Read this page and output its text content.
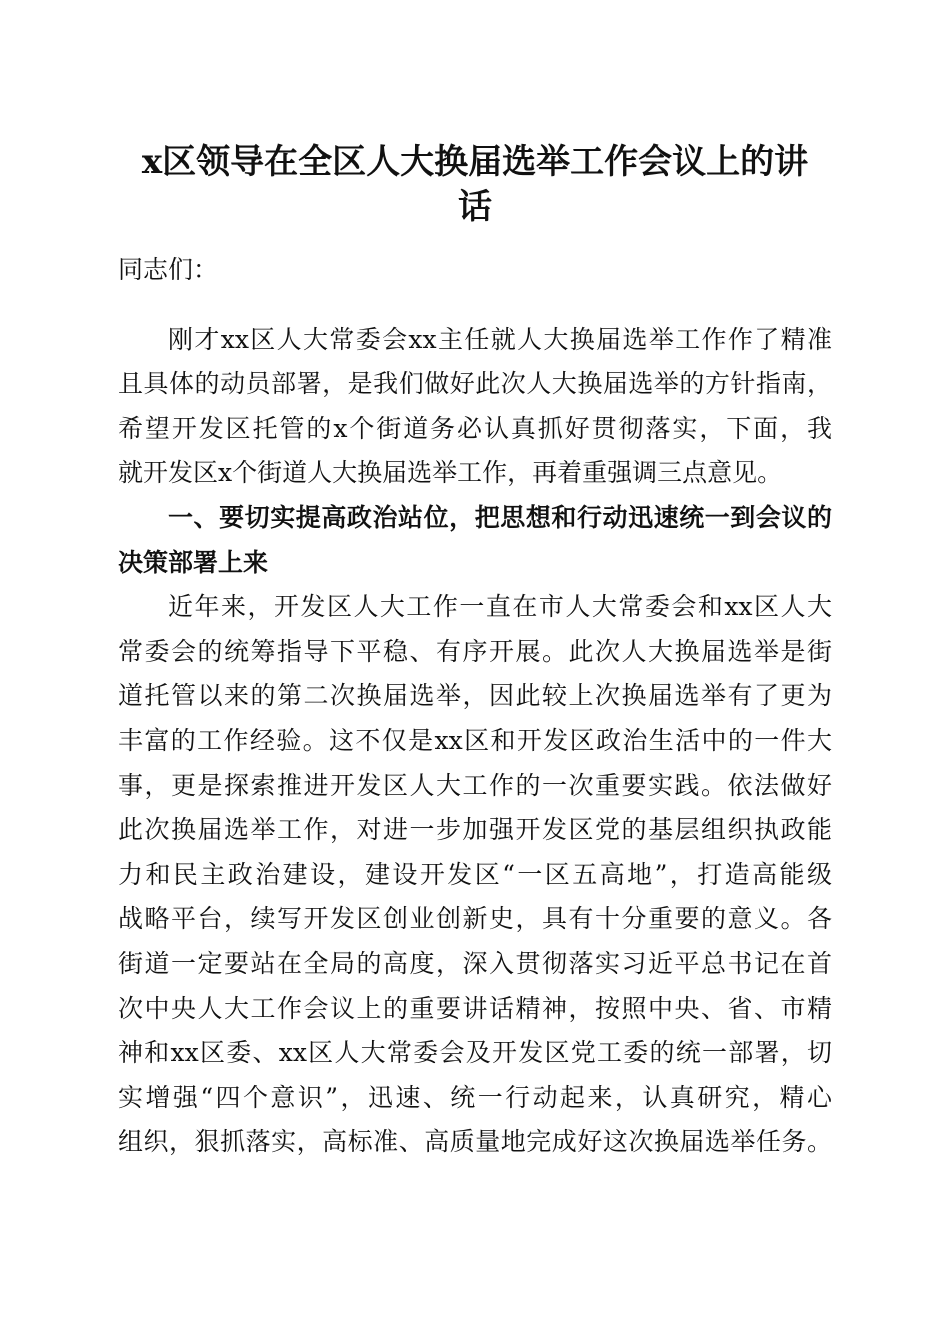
x区领导在全区人大换届选举工作会议上的讲
话
同志们：
刚才xx区人大常委会xx主任就人大换届选举工作作了精准
且具体的动员部署，是我们做好此次人大换届选举的方针指南，
希望开发区托管的x个街道务必认真抓好贯彻落实，下面，我
就开发区x个街道人大换届选举工作，再着重强调三点意见。
一、要切实提高政治站位，把思想和行动迅速统一到会议的
决策部署上来
近年来，开发区人大工作一直在市人大常委会和xx区人大
常委会的统筹指导下平稳、有序开展。此次人大换届选举是街
道托管以来的第二次换届选举，因此较上次换届选举有了更为
丰富的工作经验。这不仅是xx区和开发区政治生活中的一件大
事，更是探索推进开发区人大工作的一次重要实践。依法做好
此次换届选举工作，对进一步加强开发区党的基层组织执政能
力和民主政治建设，建设开发区“一区五高地”，打造高能级
战略平台，续写开发区创业创新史，具有十分重要的意义。各
街道一定要站在全局的高度，深入贯彻落实习近平总书记在首
次中央人大工作会议上的重要讲话精神，按照中央、省、市精
神和xx区委、xx区人大常委会及开发区党工委的统一部署，切
实增强“四个意识”，迅速、统一行动起来，认真研究，精心
组织，狠抓落实，高标准、高质量地完成好这次换届选举任务。
